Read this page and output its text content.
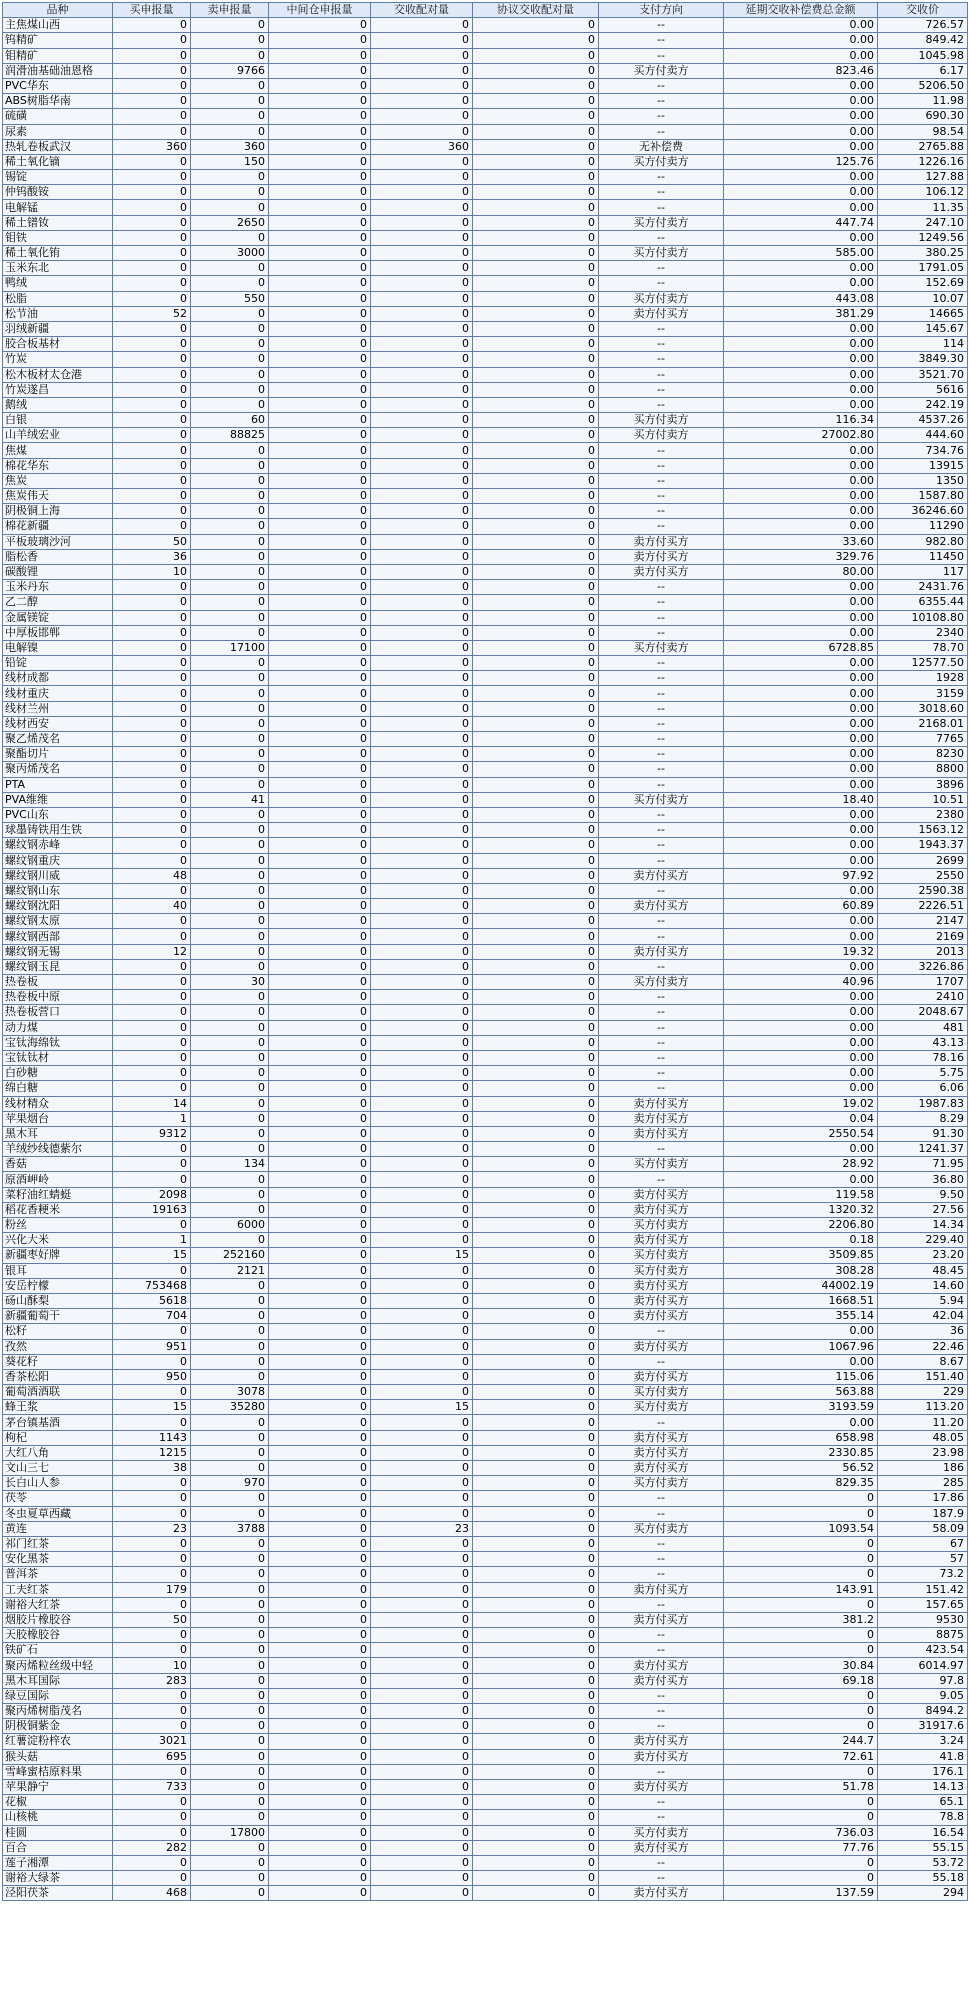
品种	买申报量	卖申报量	中间仓申报量	交收配对量	协议交收配对量	支付方向	延期交收补偿费总金额	交收价
主焦煤山西	0	0	0	0	0	--	0.00	726.57
钨精矿	0	0	0	0	0	--	0.00	849.42
钼精矿	0	0	0	0	0	--	0.00	1045.98
润滑油基础油恩格	0	9766	0	0	0	买方付卖方	823.46	6.17
PVC华东	0	0	0	0	0	--	0.00	5206.50
ABS树脂华南	0	0	0	0	0	--	0.00	11.98
硫磺	0	0	0	0	0	--	0.00	690.30
尿素	0	0	0	0	0	--	0.00	98.54
热轧卷板武汉	360	360	0	360	0	无补偿费	0.00	2765.88
稀土氧化镝	0	150	0	0	0	买方付卖方	125.76	1226.16
锡锭	0	0	0	0	0	--	0.00	127.88
仲钨酸铵	0	0	0	0	0	--	0.00	106.12
电解锰	0	0	0	0	0	--	0.00	11.35
稀土镨钕	0	2650	0	0	0	买方付卖方	447.74	247.10
钼铁	0	0	0	0	0	--	0.00	1249.56
稀土氧化铕	0	3000	0	0	0	买方付卖方	585.00	380.25
玉米东北	0	0	0	0	0	--	0.00	1791.05
鸭绒	0	0	0	0	0	--	0.00	152.69
松脂	0	550	0	0	0	买方付卖方	443.08	10.07
松节油	52	0	0	0	0	卖方付买方	381.29	14665
羽绒新疆	0	0	0	0	0	--	0.00	145.67
胶合板基材	0	0	0	0	0	--	0.00	114
竹炭	0	0	0	0	0	--	0.00	3849.30
松木板材太仓港	0	0	0	0	0	--	0.00	3521.70
竹炭遂昌	0	0	0	0	0	--	0.00	5616
鹅绒	0	0	0	0	0	--	0.00	242.19
白银	0	60	0	0	0	买方付卖方	116.34	4537.26
山羊绒宏业	0	88825	0	0	0	买方付卖方	27002.80	444.60
焦煤	0	0	0	0	0	--	0.00	734.76
棉花华东	0	0	0	0	0	--	0.00	13915
焦炭	0	0	0	0	0	--	0.00	1350
焦炭伟天	0	0	0	0	0	--	0.00	1587.80
阴极铜上海	0	0	0	0	0	--	0.00	36246.60
棉花新疆	0	0	0	0	0	--	0.00	11290
平板玻璃沙河	50	0	0	0	0	卖方付买方	33.60	982.80
脂松香	36	0	0	0	0	卖方付买方	329.76	11450
碳酸锂	10	0	0	0	0	卖方付买方	80.00	117
玉米丹东	0	0	0	0	0	--	0.00	2431.76
乙二醇	0	0	0	0	0	--	0.00	6355.44
金属镁锭	0	0	0	0	0	--	0.00	10108.80
中厚板邯郸	0	0	0	0	0	--	0.00	2340
电解镍	0	17100	0	0	0	买方付卖方	6728.85	78.70
铅锭	0	0	0	0	0	--	0.00	12577.50
线材成都	0	0	0	0	0	--	0.00	1928
线材重庆	0	0	0	0	0	--	0.00	3159
线材兰州	0	0	0	0	0	--	0.00	3018.60
线材西安	0	0	0	0	0	--	0.00	2168.01
聚乙烯茂名	0	0	0	0	0	--	0.00	7765
聚酯切片	0	0	0	0	0	--	0.00	8230
聚丙烯茂名	0	0	0	0	0	--	0.00	8800
PTA	0	0	0	0	0	--	0.00	3896
PVA维维	0	41	0	0	0	买方付卖方	18.40	10.51
PVC山东	0	0	0	0	0	--	0.00	2380
球墨铸铁用生铁	0	0	0	0	0	--	0.00	1563.12
螺纹钢赤峰	0	0	0	0	0	--	0.00	1943.37
螺纹钢重庆	0	0	0	0	0	--	0.00	2699
螺纹钢川威	48	0	0	0	0	卖方付买方	97.92	2550
螺纹钢山东	0	0	0	0	0	--	0.00	2590.38
螺纹钢沈阳	40	0	0	0	0	卖方付买方	60.89	2226.51
螺纹钢太原	0	0	0	0	0	--	0.00	2147
螺纹钢西部	0	0	0	0	0	--	0.00	2169
螺纹钢无锡	12	0	0	0	0	卖方付买方	19.32	2013
螺纹钢玉昆	0	0	0	0	0	--	0.00	3226.86
热卷板	0	30	0	0	0	买方付卖方	40.96	1707
热卷板中原	0	0	0	0	0	--	0.00	2410
热卷板营口	0	0	0	0	0	--	0.00	2048.67
动力煤	0	0	0	0	0	--	0.00	481
宝钛海绵钛	0	0	0	0	0	--	0.00	43.13
宝钛钛材	0	0	0	0	0	--	0.00	78.16
白砂糖	0	0	0	0	0	--	0.00	5.75
绵白糖	0	0	0	0	0	--	0.00	6.06
线材精众	14	0	0	0	0	卖方付买方	19.02	1987.83
苹果烟台	1	0	0	0	0	卖方付买方	0.04	8.29
黑木耳	9312	0	0	0	0	卖方付买方	2550.54	91.30
羊绒纱线德紫尔	0	0	0	0	0	--	0.00	1241.37
香菇	0	134	0	0	0	买方付卖方	28.92	71.95
原酒岬岭	0	0	0	0	0	--	0.00	36.80
菜籽油红蜻蜓	2098	0	0	0	0	卖方付买方	119.58	9.50
稻花香粳米	19163	0	0	0	0	卖方付买方	1320.32	27.56
粉丝	0	6000	0	0	0	买方付卖方	2206.80	14.34
兴化大米	1	0	0	0	0	卖方付买方	0.18	229.40
新疆枣好牌	15	252160	0	15	0	买方付卖方	3509.85	23.20
银耳	0	2121	0	0	0	买方付卖方	308.28	48.45
安岳柠檬	753468	0	0	0	0	卖方付买方	44002.19	14.60
砀山酥梨	5618	0	0	0	0	卖方付买方	1668.51	5.94
新疆葡萄干	704	0	0	0	0	卖方付买方	355.14	42.04
松籽	0	0	0	0	0	--	0.00	36
孜然	951	0	0	0	0	卖方付买方	1067.96	22.46
葵花籽	0	0	0	0	0	--	0.00	8.67
香茶松阳	950	0	0	0	0	卖方付买方	115.06	151.40
葡萄酒酒联	0	3078	0	0	0	买方付卖方	563.88	229
蜂王浆	15	35280	0	15	0	买方付卖方	3193.59	113.20
茅台镇基酒	0	0	0	0	0	--	0.00	11.20
枸杞	1143	0	0	0	0	卖方付买方	658.98	48.05
大红八角	1215	0	0	0	0	卖方付买方	2330.85	23.98
文山三七	38	0	0	0	0	卖方付买方	56.52	186
长白山人参	0	970	0	0	0	买方付卖方	829.35	285
茯苓	0	0	0	0	0	--	0	17.86
冬虫夏草西藏	0	0	0	0	0	--	0	187.9
黄连	23	3788	0	23	0	买方付卖方	1093.54	58.09
祁门红茶	0	0	0	0	0	--	0	67
安化黑茶	0	0	0	0	0	--	0	57
普洱茶	0	0	0	0	0	--	0	73.2
工夫红茶	179	0	0	0	0	卖方付买方	143.91	151.42
谢裕大红茶	0	0	0	0	0	--	0	157.65
烟胶片橡胶谷	50	0	0	0	0	卖方付买方	381.2	9530
天胶橡胶谷	0	0	0	0	0	--	0	8875
铁矿石	0	0	0	0	0	--	0	423.54
聚丙烯粒丝级中轻	10	0	0	0	0	卖方付买方	30.84	6014.97
黑木耳国际	283	0	0	0	0	卖方付买方	69.18	97.8
绿豆国际	0	0	0	0	0	--	0	9.05
聚丙烯树脂茂名	0	0	0	0	0	--	0	8494.2
阴极铜紫金	0	0	0	0	0	--	0	31917.6
红薯淀粉梓农	3021	0	0	0	0	卖方付买方	244.7	3.24
猴头菇	695	0	0	0	0	卖方付买方	72.61	41.8
雪峰蜜桔原料果	0	0	0	0	0	--	0	176.1
苹果静宁	733	0	0	0	0	卖方付买方	51.78	14.13
花椒	0	0	0	0	0	--	0	65.1
山核桃	0	0	0	0	0	--	0	78.8
桂圆	0	17800	0	0	0	买方付卖方	736.03	16.54
百合	282	0	0	0	0	卖方付买方	77.76	55.15
莲子湘潭	0	0	0	0	0	--	0	53.72
谢裕大绿茶	0	0	0	0	0	--	0	55.18
泾阳茯茶	468	0	0	0	0	卖方付买方	137.59	294
